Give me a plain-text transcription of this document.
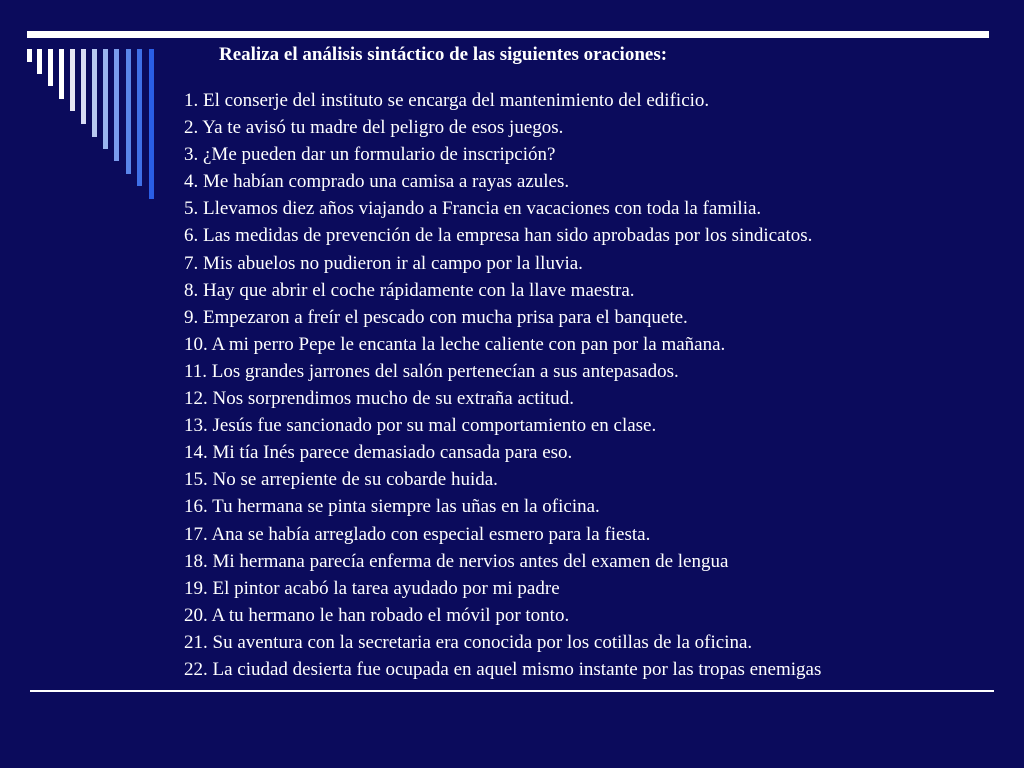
Realiza el análisis sintáctico de las siguientes oraciones:
1. El conserje del instituto se encarga del mantenimiento del edificio.
2. Ya te avisó tu madre del peligro de esos juegos.
3. ¿Me pueden dar un formulario de inscripción?
4. Me habían comprado una camisa a rayas azules.
5. Llevamos diez años viajando a Francia en vacaciones con toda la familia.
6. Las medidas de prevención de la empresa han sido aprobadas por los sindicatos.
7. Mis abuelos no pudieron ir al campo por la lluvia.
8. Hay que abrir el coche rápidamente con la llave maestra.
9. Empezaron a freír el pescado con mucha prisa para el banquete.
10. A mi perro Pepe le encanta la leche caliente con pan por la mañana.
11. Los grandes jarrones del salón pertenecían a sus antepasados.
12. Nos sorprendimos mucho de su extraña actitud.
13. Jesús fue sancionado por su mal comportamiento en clase.
14. Mi tía Inés parece demasiado cansada para eso.
15. No se arrepiente de su cobarde huida.
16. Tu hermana se pinta siempre las uñas en la oficina.
17. Ana se había arreglado con especial esmero para la fiesta.
18. Mi hermana parecía enferma de nervios antes del examen de lengua
19. El pintor acabó la tarea ayudado por mi padre
20. A tu hermano le han robado el móvil por tonto.
21. Su aventura con la secretaria era conocida por los cotillas de la oficina.
22. La ciudad desierta fue ocupada en aquel mismo instante por las tropas enemigas
